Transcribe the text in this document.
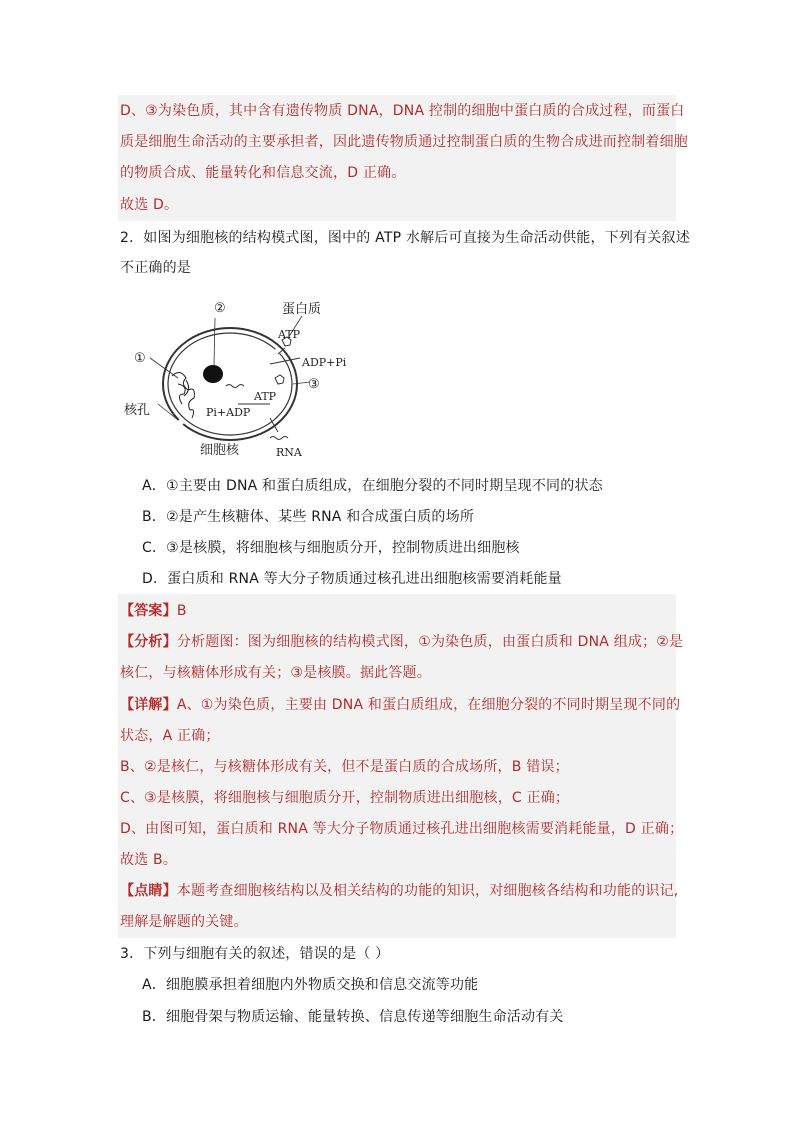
D、③为染色质，其中含有遗传物质 DNA，DNA 控制的细胞中蛋白质的合成过程，而蛋白
质是细胞生命活动的主要承担者，因此遗传物质通过控制蛋白质的生物合成进而控制着细胞
的物质合成、能量转化和信息交流，D 正确。
故选 D。
2．如图为细胞核的结构模式图，图中的 ATP 水解后可直接为生命活动供能，下列有关叙述
不正确的是
②	蛋白质
ATP
ADP+Pi
①
③
ATP
Pi+ADP
核孔
细胞核	RNA
A．①主要由 DNA 和蛋白质组成，在细胞分裂的不同时期呈现不同的状态
B．②是产生核糖体、某些 RNA 和合成蛋白质的场所
C．③是核膜，将细胞核与细胞质分开，控制物质进出细胞核
D．蛋白质和 RNA 等大分子物质通过核孔进出细胞核需要消耗能量
【答案】B
【分析】分析题图：图为细胞核的结构模式图，①为染色质，由蛋白质和 DNA 组成；②是
核仁，与核糖体形成有关；③是核膜。据此答题。
【详解】A、①为染色质，主要由 DNA 和蛋白质组成，在细胞分裂的不同时期呈现不同的
状态，A 正确；
B、②是核仁，与核糖体形成有关，但不是蛋白质的合成场所，B 错误；
C、③是核膜，将细胞核与细胞质分开，控制物质进出细胞核，C 正确；
D、由图可知，蛋白质和 RNA 等大分子物质通过核孔进出细胞核需要消耗能量，D 正确；
故选 B。
【点睛】本题考查细胞核结构以及相关结构的功能的知识，对细胞核各结构和功能的识记,
理解是解题的关键。
3．下列与细胞有关的叙述，错误的是（ ）
A．细胞膜承担着细胞内外物质交换和信息交流等功能
B．细胞骨架与物质运输、能量转换、信息传递等细胞生命活动有关
